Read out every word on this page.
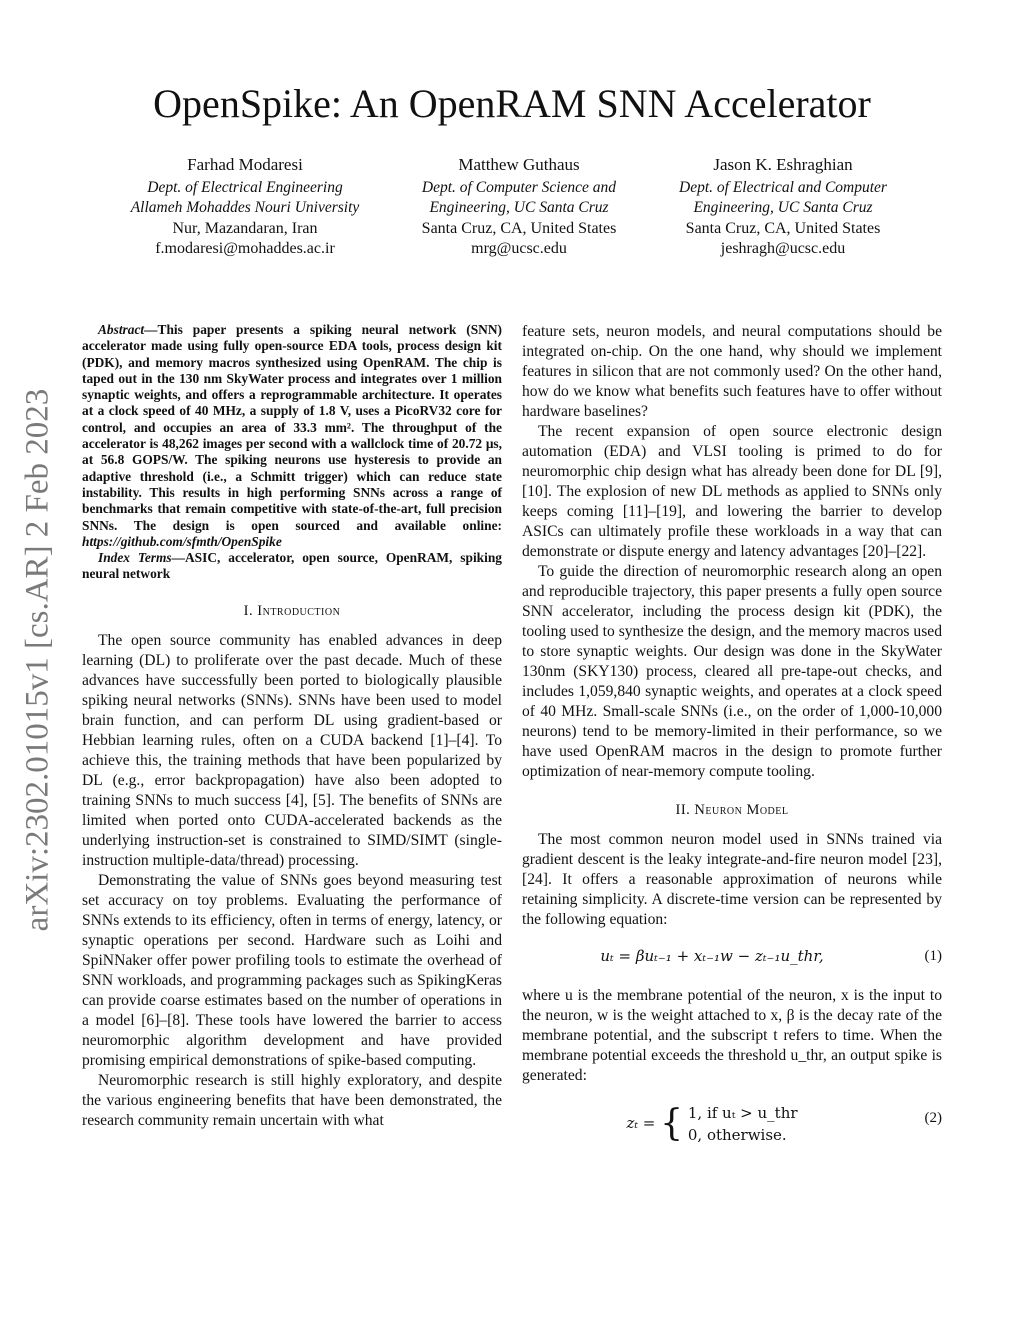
arXiv:2302.01015v1 [cs.AR] 2 Feb 2023
OpenSpike: An OpenRAM SNN Accelerator
Farhad Modaresi
Dept. of Electrical Engineering
Allameh Mohaddes Nouri University
Nur, Mazandaran, Iran
f.modaresi@mohaddes.ac.ir
Matthew Guthaus
Dept. of Computer Science and
Engineering, UC Santa Cruz
Santa Cruz, CA, United States
mrg@ucsc.edu
Jason K. Eshraghian
Dept. of Electrical and Computer
Engineering, UC Santa Cruz
Santa Cruz, CA, United States
jeshragh@ucsc.edu

Abstract—This paper presents a spiking neural network (SNN) accelerator made using fully open-source EDA tools, process design kit (PDK), and memory macros synthesized using OpenRAM. The chip is taped out in the 130 nm SkyWater process and integrates over 1 million synaptic weights, and offers a reprogrammable architecture. It operates at a clock speed of 40 MHz, a supply of 1.8 V, uses a PicoRV32 core for control, and occupies an area of 33.3 mm². The throughput of the accelerator is 48,262 images per second with a wallclock time of 20.72 μs, at 56.8 GOPS/W. The spiking neurons use hysteresis to provide an adaptive threshold (i.e., a Schmitt trigger) which can reduce state instability. This results in high performing SNNs across a range of benchmarks that remain competitive with state-of-the-art, full precision SNNs. The design is open sourced and available online: https://github.com/sfmth/OpenSpike

Index Terms—ASIC, accelerator, open source, OpenRAM, spiking neural network

I. Introduction

The open source community has enabled advances in deep learning (DL) to proliferate over the past decade. Much of these advances have successfully been ported to biologically plausible spiking neural networks (SNNs). SNNs have been used to model brain function, and can perform DL using gradient-based or Hebbian learning rules, often on a CUDA backend [1]–[4]. To achieve this, the training methods that have been popularized by DL (e.g., error backpropagation) have also been adopted to training SNNs to much success [4], [5]. The benefits of SNNs are limited when ported onto CUDA-accelerated backends as the underlying instruction-set is constrained to SIMD/SIMT (single-instruction multiple-data/thread) processing.

Demonstrating the value of SNNs goes beyond measuring test set accuracy on toy problems. Evaluating the performance of SNNs extends to its efficiency, often in terms of energy, latency, or synaptic operations per second. Hardware such as Loihi and SpiNNaker offer power profiling tools to estimate the overhead of SNN workloads, and programming packages such as SpikingKeras can provide coarse estimates based on the number of operations in a model [6]–[8]. These tools have lowered the barrier to access neuromorphic algorithm development and have provided promising empirical demonstrations of spike-based computing.

Neuromorphic research is still highly exploratory, and despite the various engineering benefits that have been demonstrated, the research community remain uncertain with what

feature sets, neuron models, and neural computations should be integrated on-chip. On the one hand, why should we implement features in silicon that are not commonly used? On the other hand, how do we know what benefits such features have to offer without hardware baselines?

The recent expansion of open source electronic design automation (EDA) and VLSI tooling is primed to do for neuromorphic chip design what has already been done for DL [9], [10]. The explosion of new DL methods as applied to SNNs only keeps coming [11]–[19], and lowering the barrier to develop ASICs can ultimately profile these workloads in a way that can demonstrate or dispute energy and latency advantages [20]–[22].

To guide the direction of neuromorphic research along an open and reproducible trajectory, this paper presents a fully open source SNN accelerator, including the process design kit (PDK), the tooling used to synthesize the design, and the memory macros used to store synaptic weights. Our design was done in the SkyWater 130nm (SKY130) process, cleared all pre-tape-out checks, and includes 1,059,840 synaptic weights, and operates at a clock speed of 40 MHz. Small-scale SNNs (i.e., on the order of 1,000-10,000 neurons) tend to be memory-limited in their performance, so we have used OpenRAM macros in the design to promote further optimization of near-memory compute tooling.

II. Neuron Model

The most common neuron model used in SNNs trained via gradient descent is the leaky integrate-and-fire neuron model [23], [24]. It offers a reasonable approximation of neurons while retaining simplicity. A discrete-time version can be represented by the following equation:

uₜ = βuₜ₋₁ + xₜ₋₁w − zₜ₋₁u_thr,	(1)

where u is the membrane potential of the neuron, x is the input to the neuron, w is the weight attached to x, β is the decay rate of the membrane potential, and the subscript t refers to time. When the membrane potential exceeds the threshold u_thr, an output spike is generated:

zₜ = { 1, if uₜ > u_thr
0, otherwise.
(2)
